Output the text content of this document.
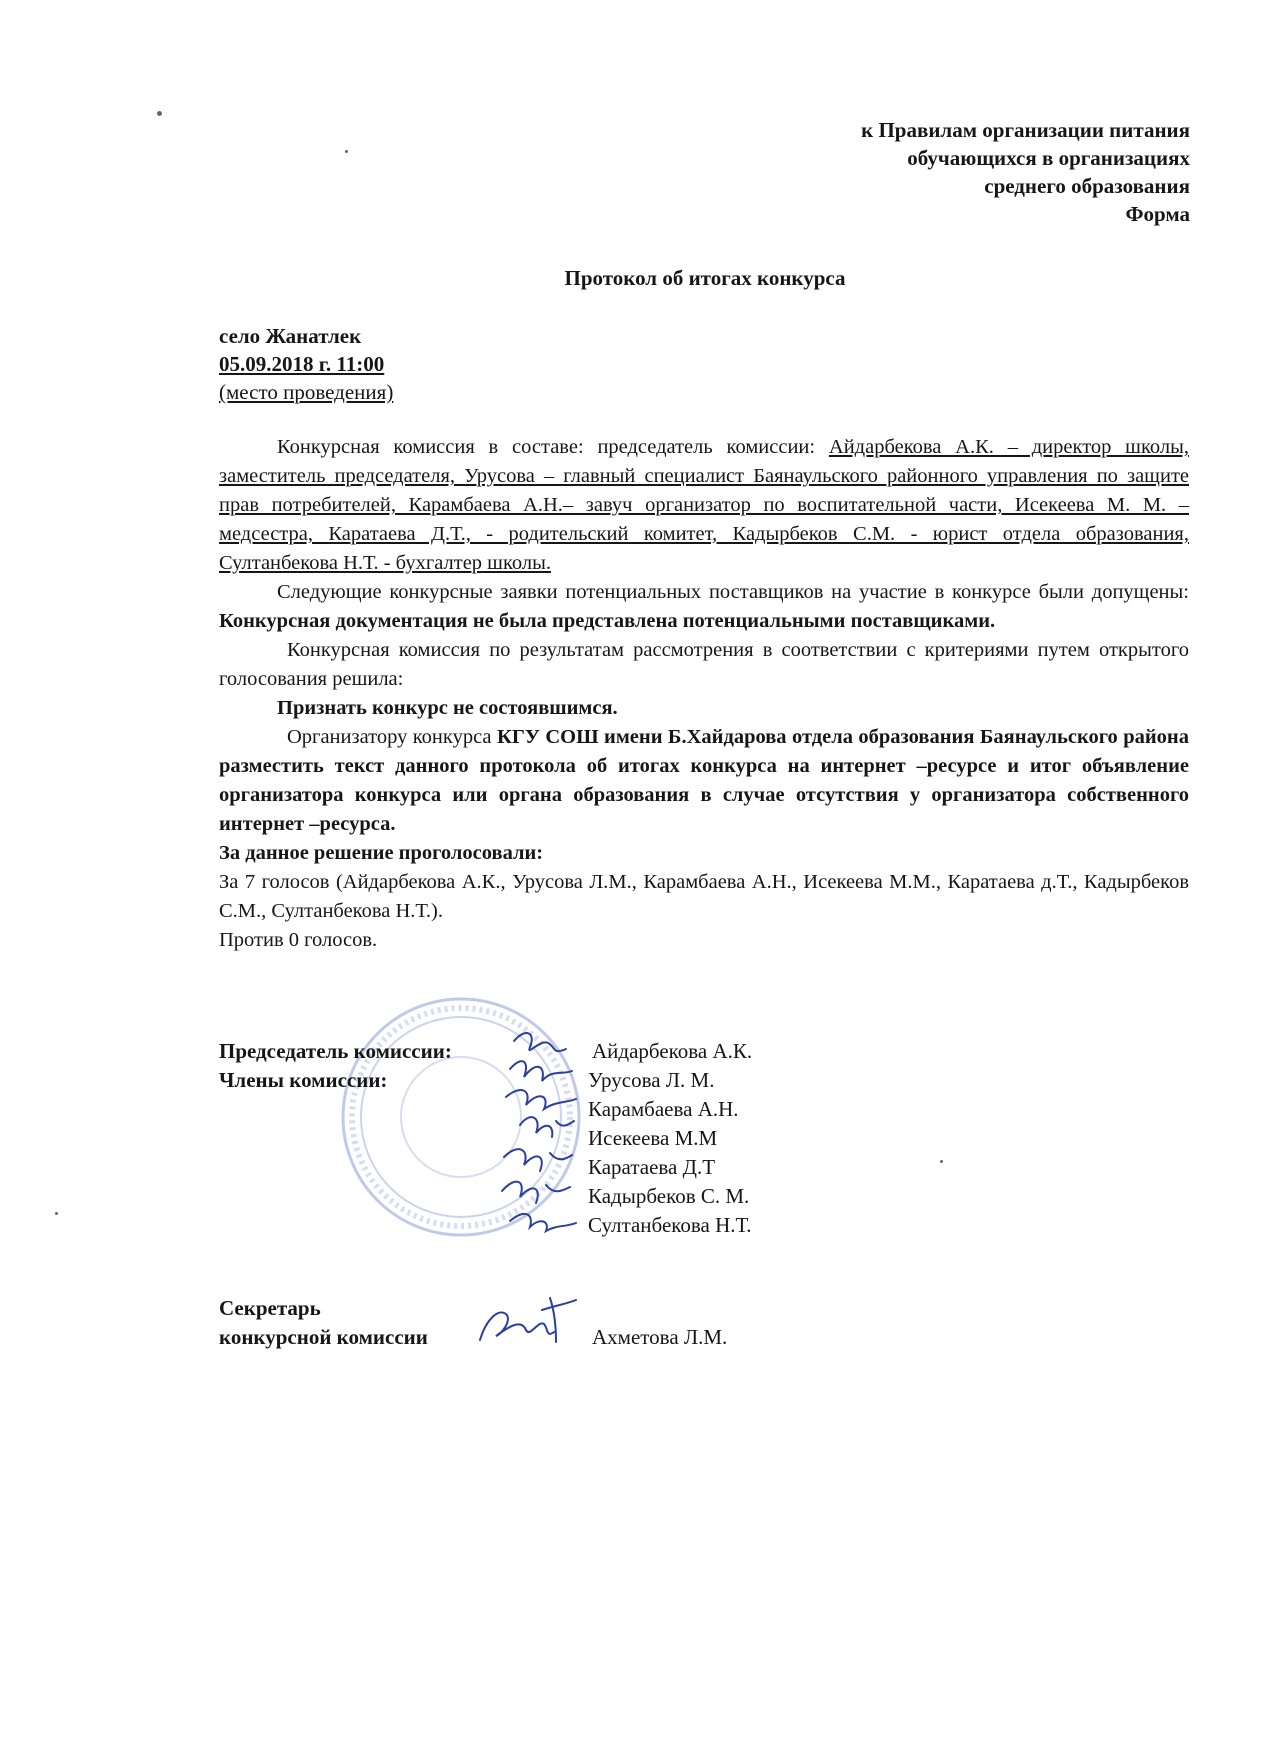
к Правилам организации питания
обучающихся в организациях
среднего образования
Форма
Протокол об итогах конкурса
село Жанатлек
05.09.2018 г. 11:00
(место проведения)

Конкурсная комиссия в составе: председатель комиссии: Айдарбекова А.К. – директор школы, заместитель председателя, Урусова – главный специалист Баянаульского районного управления по защите прав потребителей, Карамбаева А.Н.– завуч организатор по воспитательной части, Исекеева М. М. – медсестра, Каратаева Д.Т., - родительский комитет, Кадырбеков С.М. - юрист отдела образования, Султанбекова Н.Т. - бухгалтер школы.

Следующие конкурсные заявки потенциальных поставщиков на участие в конкурсе были допущены: Конкурсная документация не была представлена потенциальными поставщиками.

Конкурсная комиссия по результатам рассмотрения в соответствии с критериями путем открытого голосования решила:

Признать конкурс не состоявшимся.

Организатору конкурса КГУ СОШ имени Б.Хайдарова отдела образования Баянаульского района разместить текст данного протокола об итогах конкурса на интернет –ресурсе и итог объявление организатора конкурса или органа образования в случае отсутствия у организатора собственного интернет –ресурса.

За данное решение проголосовали:

За 7 голосов (Айдарбекова А.К., Урусова Л.М., Карамбаева А.Н., Исекеева М.М., Каратаева д.Т., Кадырбеков С.М., Султанбекова Н.Т.).

Против 0 голосов.

Председатель комиссии:	Айдарбекова А.К.
Члены комиссии:	Урусова Л. М.
Карамбаева А.Н.
Исекеева М.М
Каратаева Д.Т
Кадырбеков С. М.
Султанбекова Н.Т.
Секретарь
конкурсной комиссии	Ахметова Л.М.
